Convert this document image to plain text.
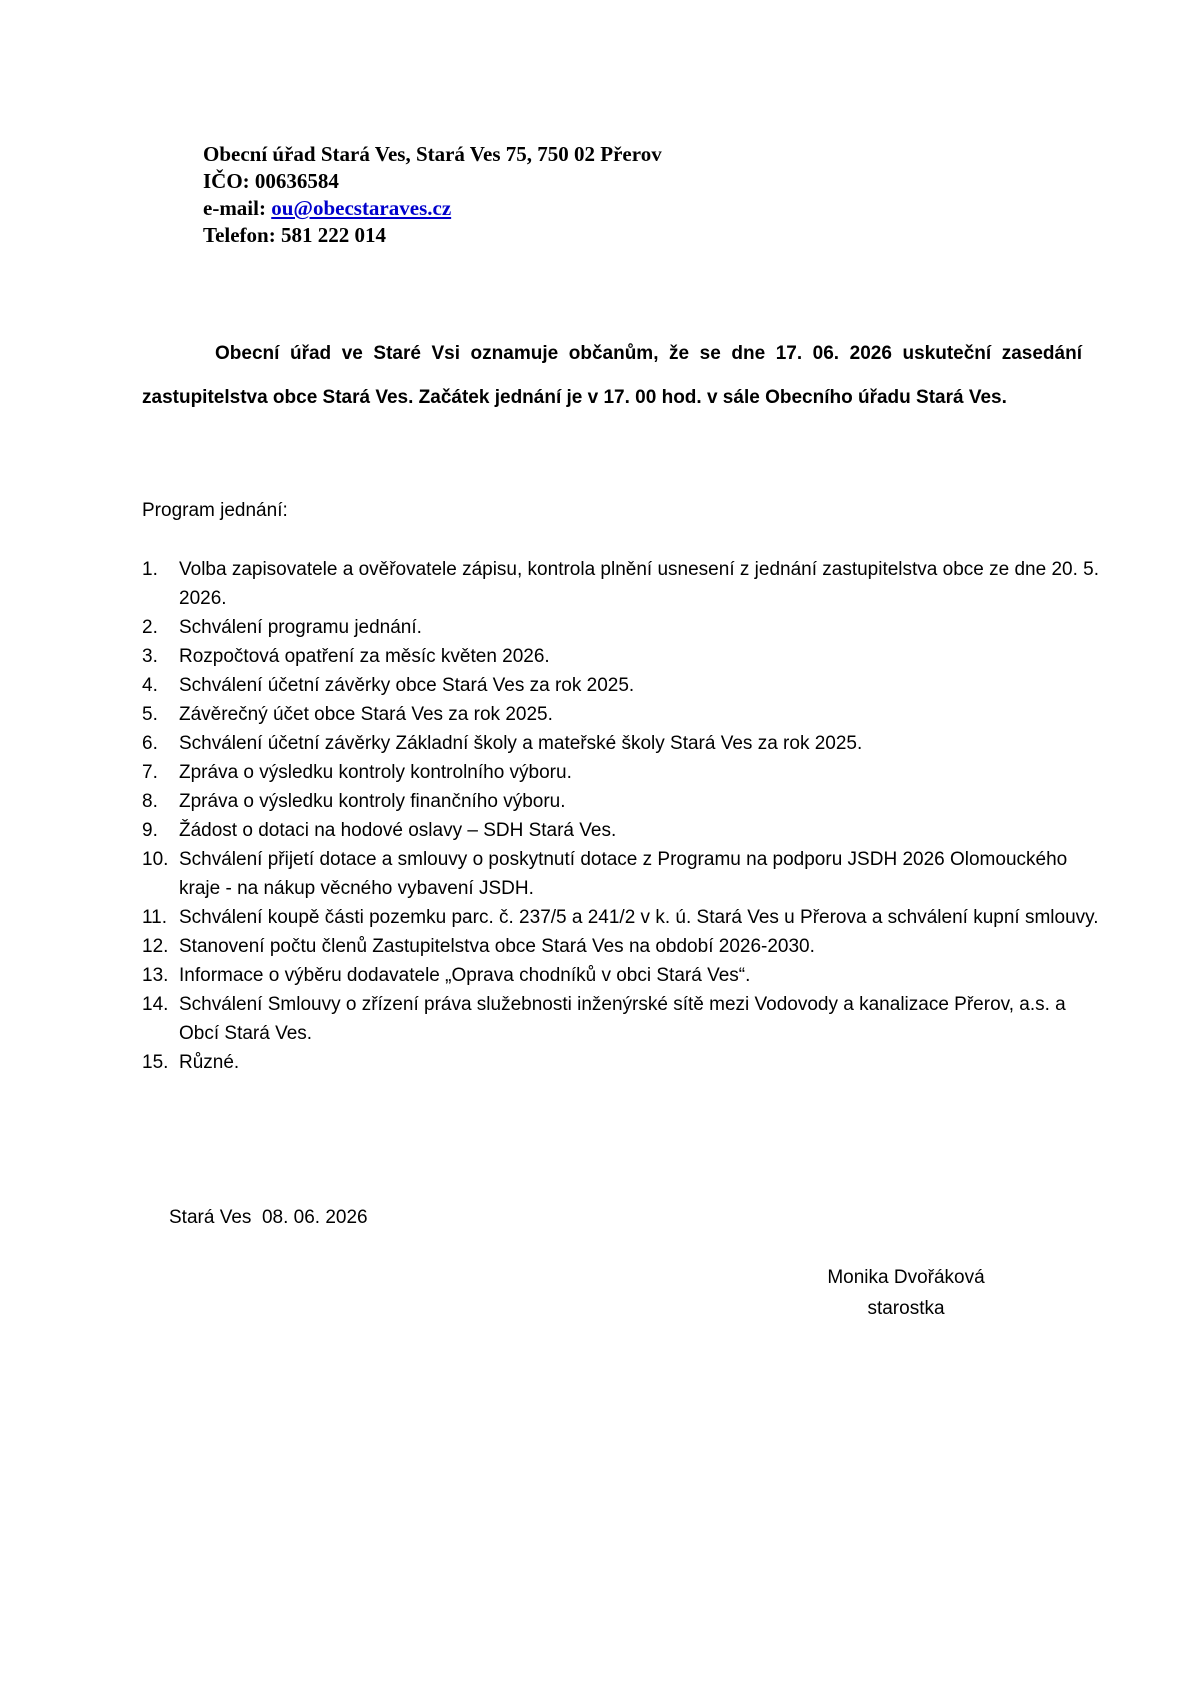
Obecní úřad Stará Ves, Stará Ves 75, 750 02 Přerov
IČO: 00636584
e-mail: ou@obecstaraves.cz
Telefon: 581 222 014
Obecní úřad ve Staré Vsi oznamuje občanům, že se dne 17. 06. 2026 uskuteční zasedání zastupitelstva obce Stará Ves. Začátek jednání je v 17. 00 hod. v sále Obecního úřadu Stará Ves.
Program jednání:
1. Volba zapisovatele a ověřovatele zápisu, kontrola plnění usnesení z jednání zastupitelstva obce ze dne 20. 5. 2026.
2. Schválení programu jednání.
3. Rozpočtová opatření za měsíc květen 2026.
4. Schválení účetní závěrky obce Stará Ves za rok 2025.
5. Závěrečný účet obce Stará Ves za rok 2025.
6. Schválení účetní závěrky Základní školy a mateřské školy Stará Ves za rok 2025.
7. Zpráva o výsledku kontroly kontrolního výboru.
8. Zpráva o výsledku kontroly finančního výboru.
9. Žádost o dotaci na hodové oslavy – SDH Stará Ves.
10. Schválení přijetí dotace a smlouvy o poskytnutí dotace z Programu na podporu JSDH 2026 Olomouckého kraje - na nákup věcného vybavení JSDH.
11. Schválení koupě části pozemku parc. č. 237/5 a 241/2 v k. ú. Stará Ves u Přerova a schválení kupní smlouvy.
12. Stanovení počtu členů Zastupitelstva obce Stará Ves na období 2026-2030.
13. Informace o výběru dodavatele „Oprava chodníků v obci Stará Ves“.
14. Schválení Smlouvy o zřízení práva služebnosti inženýrské sítě mezi Vodovody a kanalizace Přerov, a.s. a Obcí Stará Ves.
15. Různé.
Stará Ves  08. 06. 2026
Monika Dvořáková
starostka
